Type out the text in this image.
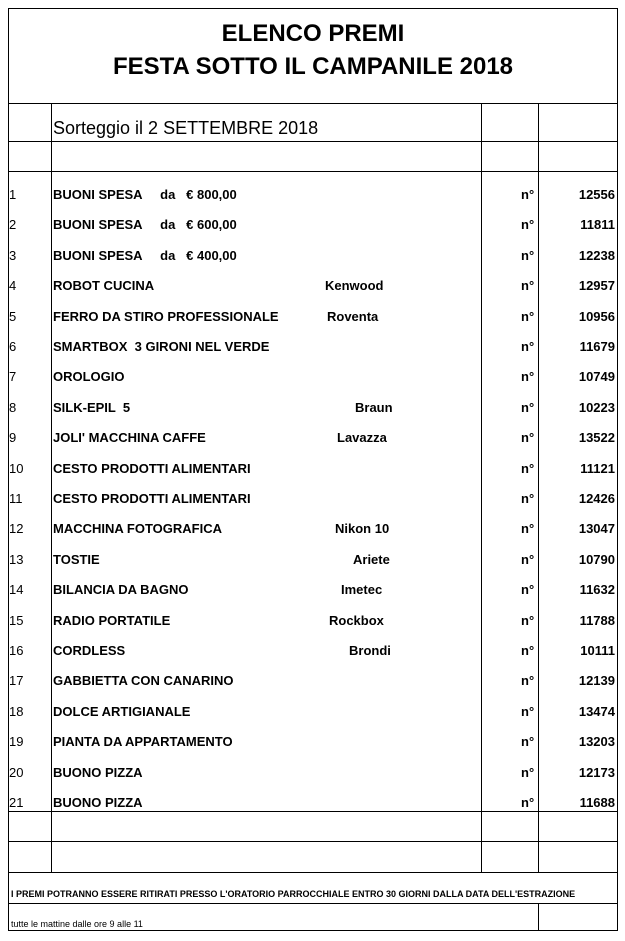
ELENCO PREMI
FESTA SOTTO IL CAMPANILE 2018
Sorteggio il 2 SETTEMBRE 2018
1	BUONI SPESA     da   € 800,00	n°	12556
2	BUONI SPESA     da   € 600,00	n°	11811
3	BUONI SPESA     da   € 400,00	n°	12238
4	ROBOT CUCINA	Kenwood	n°	12957
5	FERRO DA STIRO PROFESSIONALE	Roventa	n°	10956
6	SMARTBOX  3 GIRONI NEL VERDE	n°	11679
7	OROLOGIO	n°	10749
8	SILK-EPIL  5	Braun	n°	10223
9	JOLI' MACCHINA CAFFE	Lavazza	n°	13522
10 CESTO PRODOTTI ALIMENTARI	n°	11121
11 CESTO PRODOTTI ALIMENTARI	n°	12426
12 MACCHINA FOTOGRAFICA	Nikon 10	n°	13047
13 TOSTIE	Ariete	n°	10790
14 BILANCIA DA BAGNO	Imetec	n°	11632
15 RADIO PORTATILE	Rockbox	n°	11788
16 CORDLESS	Brondi	n°	10111
17 GABBIETTA CON CANARINO	n°	12139
18 DOLCE ARTIGIANALE	n°	13474
19 PIANTA DA APPARTAMENTO	n°	13203
20 BUONO PIZZA	n°	12173
21 BUONO PIZZA	n°	11688
I PREMI POTRANNO ESSERE RITIRATI PRESSO L'ORATORIO PARROCCHIALE ENTRO 30 GIORNI DALLA DATA DELL'ESTRAZIONE
tutte le mattine dalle ore 9 alle 11
